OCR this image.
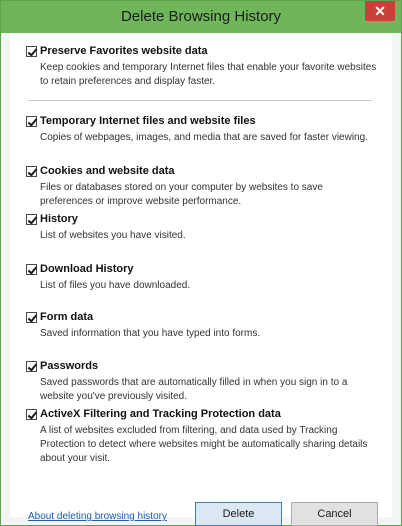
Delete Browsing History	✕
Preserve Favorites website data
Keep cookies and temporary Internet files that enable your favorite websites to retain preferences and display faster.
Temporary Internet files and website files
Copies of webpages, images, and media that are saved for faster viewing.
Cookies and website data
Files or databases stored on your computer by websites to save preferences or improve website performance.
History
List of websites you have visited.
Download History
List of files you have downloaded.
Form data
Saved information that you have typed into forms.
Passwords
Saved passwords that are automatically filled in when you sign in to a website you've previously visited.
ActiveX Filtering and Tracking Protection data
A list of websites excluded from filtering, and data used by Tracking Protection to detect where websites might be automatically sharing details about your visit.
About deleting browsing history	Delete	Cancel
